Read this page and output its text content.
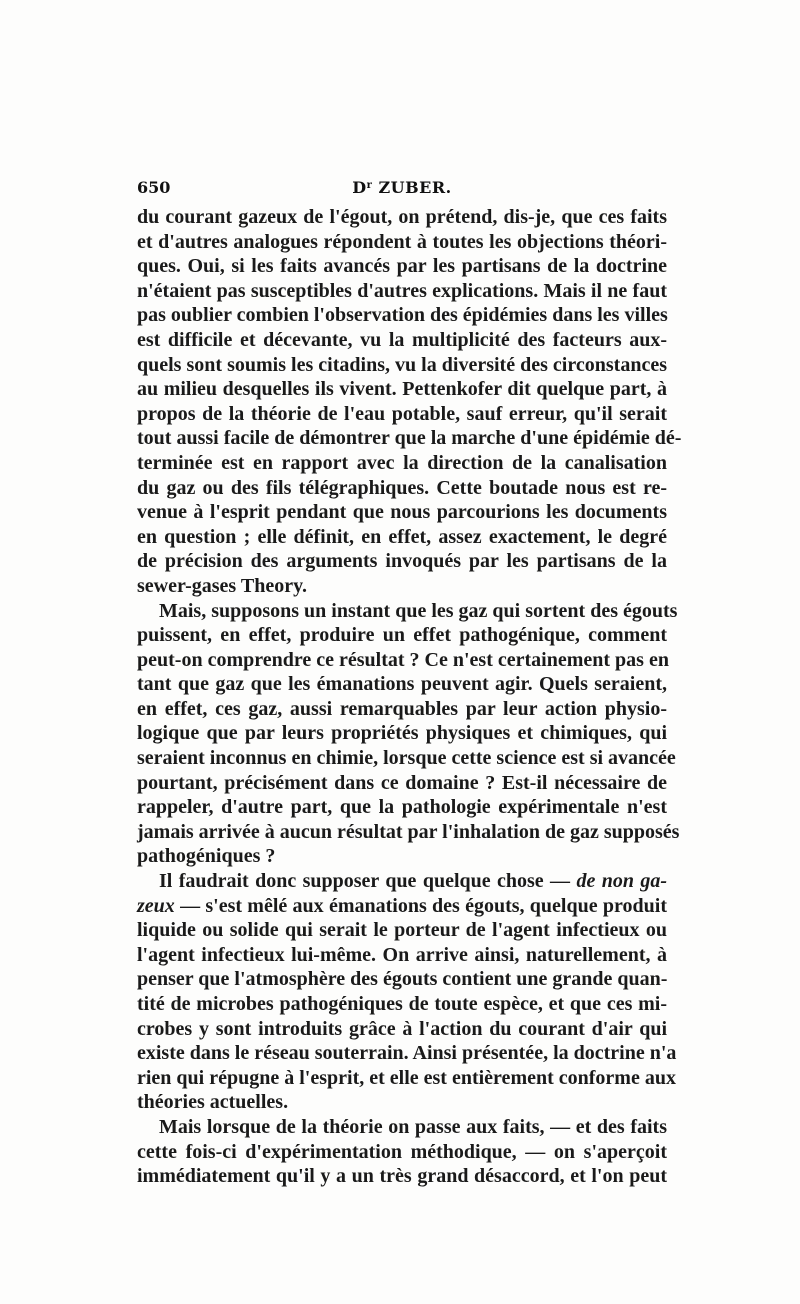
650	$D^r$ ZUBER.
du courant gazeux de l'égout, on prétend, dis-je, que ces faits
et d'autres analogues répondent à toutes les objections théori-
ques. Oui, si les faits avancés par les partisans de la doctrine
n'étaient pas susceptibles d'autres explications. Mais il ne faut
pas oublier combien l'observation des épidémies dans les villes
est difficile et décevante, vu la multiplicité des facteurs aux-
quels sont soumis les citadins, vu la diversité des circonstances
au milieu desquelles ils vivent. Pettenkofer dit quelque part, à
propos de la théorie de l'eau potable, sauf erreur, qu'il serait
tout aussi facile de démontrer que la marche d'une épidémie dé-
terminée est en rapport avec la direction de la canalisation
du gaz ou des fils télégraphiques. Cette boutade nous est re-
venue à l'esprit pendant que nous parcourions les documents
en question ; elle définit, en effet, assez exactement, le degré
de précision des arguments invoqués par les partisans de la
sewer-gases Theory.
Mais, supposons un instant que les gaz qui sortent des égouts
puissent, en effet, produire un effet pathogénique, comment
peut-on comprendre ce résultat ? Ce n'est certainement pas en
tant que gaz que les émanations peuvent agir. Quels seraient,
en effet, ces gaz, aussi remarquables par leur action physio-
logique que par leurs propriétés physiques et chimiques, qui
seraient inconnus en chimie, lorsque cette science est si avancée
pourtant, précisément dans ce domaine ? Est-il nécessaire de
rappeler, d'autre part, que la pathologie expérimentale n'est
jamais arrivée à aucun résultat par l'inhalation de gaz supposés
pathogéniques ?
Il faudrait donc supposer que quelque chose — de non ga-
zeux — s'est mêlé aux émanations des égouts, quelque produit
liquide ou solide qui serait le porteur de l'agent infectieux ou
l'agent infectieux lui-même. On arrive ainsi, naturellement, à
penser que l'atmosphère des égouts contient une grande quan-
tité de microbes pathogéniques de toute espèce, et que ces mi-
crobes y sont introduits grâce à l'action du courant d'air qui
existe dans le réseau souterrain. Ainsi présentée, la doctrine n'a
rien qui répugne à l'esprit, et elle est entièrement conforme aux
théories actuelles.
Mais lorsque de la théorie on passe aux faits, — et des faits
cette fois-ci d'expérimentation méthodique, — on s'aperçoit
immédiatement qu'il y a un très grand désaccord, et l'on peut
